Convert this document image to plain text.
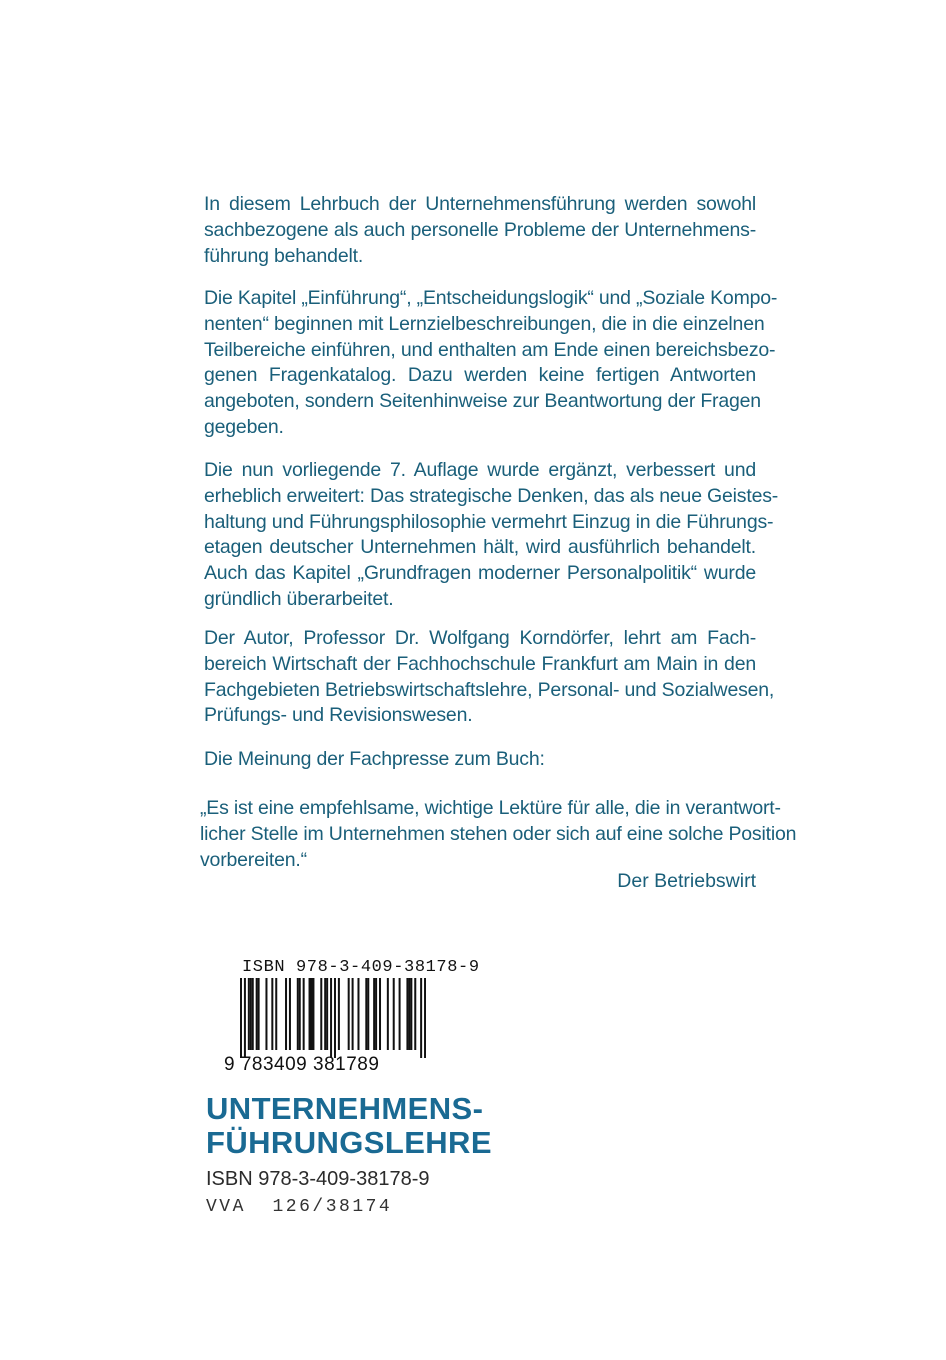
In diesem Lehrbuch der Unternehmensführung werden sowohl
sachbezogene als auch personelle Probleme der Unternehmens-
führung behandelt.
Die Kapitel „Einführung“, „Entscheidungslogik“ und „Soziale Kompo-
nenten“ beginnen mit Lernzielbeschreibungen, die in die einzelnen
Teilbereiche einführen, und enthalten am Ende einen bereichsbezo-
genen Fragenkatalog. Dazu werden keine fertigen Antworten
angeboten, sondern Seitenhinweise zur Beantwortung der Fragen
gegeben.
Die nun vorliegende 7. Auflage wurde ergänzt, verbessert und
erheblich erweitert: Das strategische Denken, das als neue Geistes-
haltung und Führungsphilosophie vermehrt Einzug in die Führungs-
etagen deutscher Unternehmen hält, wird ausführlich behandelt.
Auch das Kapitel „Grundfragen moderner Personalpolitik“ wurde
gründlich überarbeitet.
Der Autor, Professor Dr. Wolfgang Korndörfer, lehrt am Fach-
bereich Wirtschaft der Fachhochschule Frankfurt am Main in den
Fachgebieten Betriebswirtschaftslehre, Personal- und Sozialwesen,
Prüfungs- und Revisionswesen.
Die Meinung der Fachpresse zum Buch:
„Es ist eine empfehlsame, wichtige Lektüre für alle, die in verantwort-
licher Stelle im Unternehmen stehen oder sich auf eine solche Position
vorbereiten.“
Der Betriebswirt
ISBN 978-3-409-38178-9
9 783409 381789
UNTERNEHMENS-
FÜHRUNGSLEHRE
ISBN 978-3-409-38178-9
VVA  126/38174
